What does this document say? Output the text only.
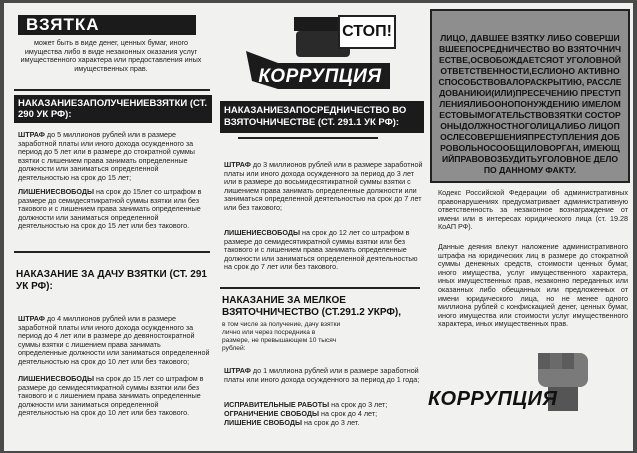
ВЗЯТКА

может быть в виде денег, ценных бумаг, иного имущества либо в виде незаконных оказания услуг имущественного характера или предоставления иных имущественных прав.

НАКАЗАНИЕЗАПОЛУЧЕНИЕВЗЯТКИ (СТ. 290 УК РФ):

ШТРАФ до 5 миллионов рублей или в размере заработной платы или иного дохода осужденного за период до 5 лет или в размере до стократной суммы взятки с лишением права занимать определенные должности или заниматься определенной деятельностью на срок до 15 лет;

ЛИШЕНИЕСВОБОДЫ на срок до 15лет со штрафом в размере до семидесятикратной суммы взятки или без такового и с лишением права занимать определенные должности или заниматься определенной деятельностью на срок до 15 лет или без такового.

НАКАЗАНИЕ ЗА ДАЧУ ВЗЯТКИ (СТ. 291 УК РФ):

ШТРАФ до 4 миллионов рублей или в размере заработной платы или иного дохода осужденного за период до 4 лет или в размере до девяностократной суммы взятки с лишением права занимать определенные должности или заниматься определенной деятельностью на срок до 10 лет или без такового;

ЛИШЕНИЕСВОБОДЫ на срок до 15 лет со штрафом в размере до семидесятикратной суммы взятки или без такового и с лишением права занимать определенные должности или заниматься определенной деятельностью на срок до 10 лет или без такового.

СТОП!
КОРРУПЦИЯ
НАКАЗАНИЕЗАПОСРЕДНИЧЕСТВО ВО ВЗЯТОЧНИЧЕСТВЕ (СТ. 291.1 УК РФ):

ШТРАФ до 3 миллионов рублей или в размере заработной платы или иного дохода осужденного за период до 3 лет или в размере до восьмидесятикратной суммы взятки с лишением права занимать определенные должности или заниматься определенной деятельностью на срок до 7 лет или без такового;

ЛИШЕНИЕСВОБОДЫ на срок до 12 лет со штрафом в размере до семидесятикратной суммы взятки или без такового и с лишением права занимать определенные должности или заниматься определенной деятельностью на срок до 7 лет или без такового.

НАКАЗАНИЕ ЗА МЕЛКОЕ ВЗЯТОЧНИЧЕСТВО (СТ.291.2 УКРФ),

в том числе за получение, дачу взятки лично или через посредника в размере, не превышающем 10 тысяч рублей:

ШТРАФ до 1 миллиона рублей или в размере заработной платы или иного дохода осужденного за период до 1 года;

ИСПРАВИТЕЛЬНЫЕ РАБОТЫ на срок до 3 лет;

ОГРАНИЧЕНИЕ СВОБОДЫ на срок до 4 лет;

ЛИШЕНИЕ СВОБОДЫ на срок до 3 лет.

ЛИЦО, ДАВШЕЕ ВЗЯТКУ ЛИБО СОВЕРШИВШЕЕПОСРЕДНИЧЕСТВО ВО ВЗЯТОЧНИЧЕСТВЕ,ОСВОБОЖДАЕТСЯОТ УГОЛОВНОЙОТВЕТСТВЕННОСТИ,ЕСЛИОНО АКТИВНОСПОСОБСТВОВАЛОРАСКРЫТИЮ, РАССЛЕДОВАНИЮИ(ИЛИ)ПРЕСЕЧЕНИЮ ПРЕСТУПЛЕНИЯЛИБООНОПОНУЖДЕНИЮ ИМЕЛОМЕСТОВЫМОГАТЕЛЬСТВОВЗЯТКИ СОСТОРОНЫДОЛЖНОСТНОГОЛИЦАЛИБО ЛИЦОПОСЛЕСОВЕРШЕНИЯПРЕСТУПЛЕНИЯ ДОБРОВОЛЬНОСООБЩИЛОВОРГАН, ИМЕЮЩИЙПРАВОВОЗБУДИТЬУГОЛОВНОЕ ДЕЛО ПО ДАННОМУ ФАКТУ.

Кодекс Российской Федерации об административных правонарушениях предусматривает административную ответственность за незаконное вознаграждение от имени или в интересах юридического лица (ст. 19.28 КоАП РФ).

Данные деяния влекут наложение административного штрафа на юридических лиц в размере до стократной суммы денежных средств, стоимости ценных бумаг, иного имущества, услуг имущественного характера, иных имущественных прав, незаконно переданных или оказанных либо обещанных или предложенных от имени юридического лица, но не менее одного миллиона рублей с конфискацией денег, ценных бумаг, иного имущества или стоимости услуг имущественного характера, иных имущественных прав.

КОРРУПЦИЯ
